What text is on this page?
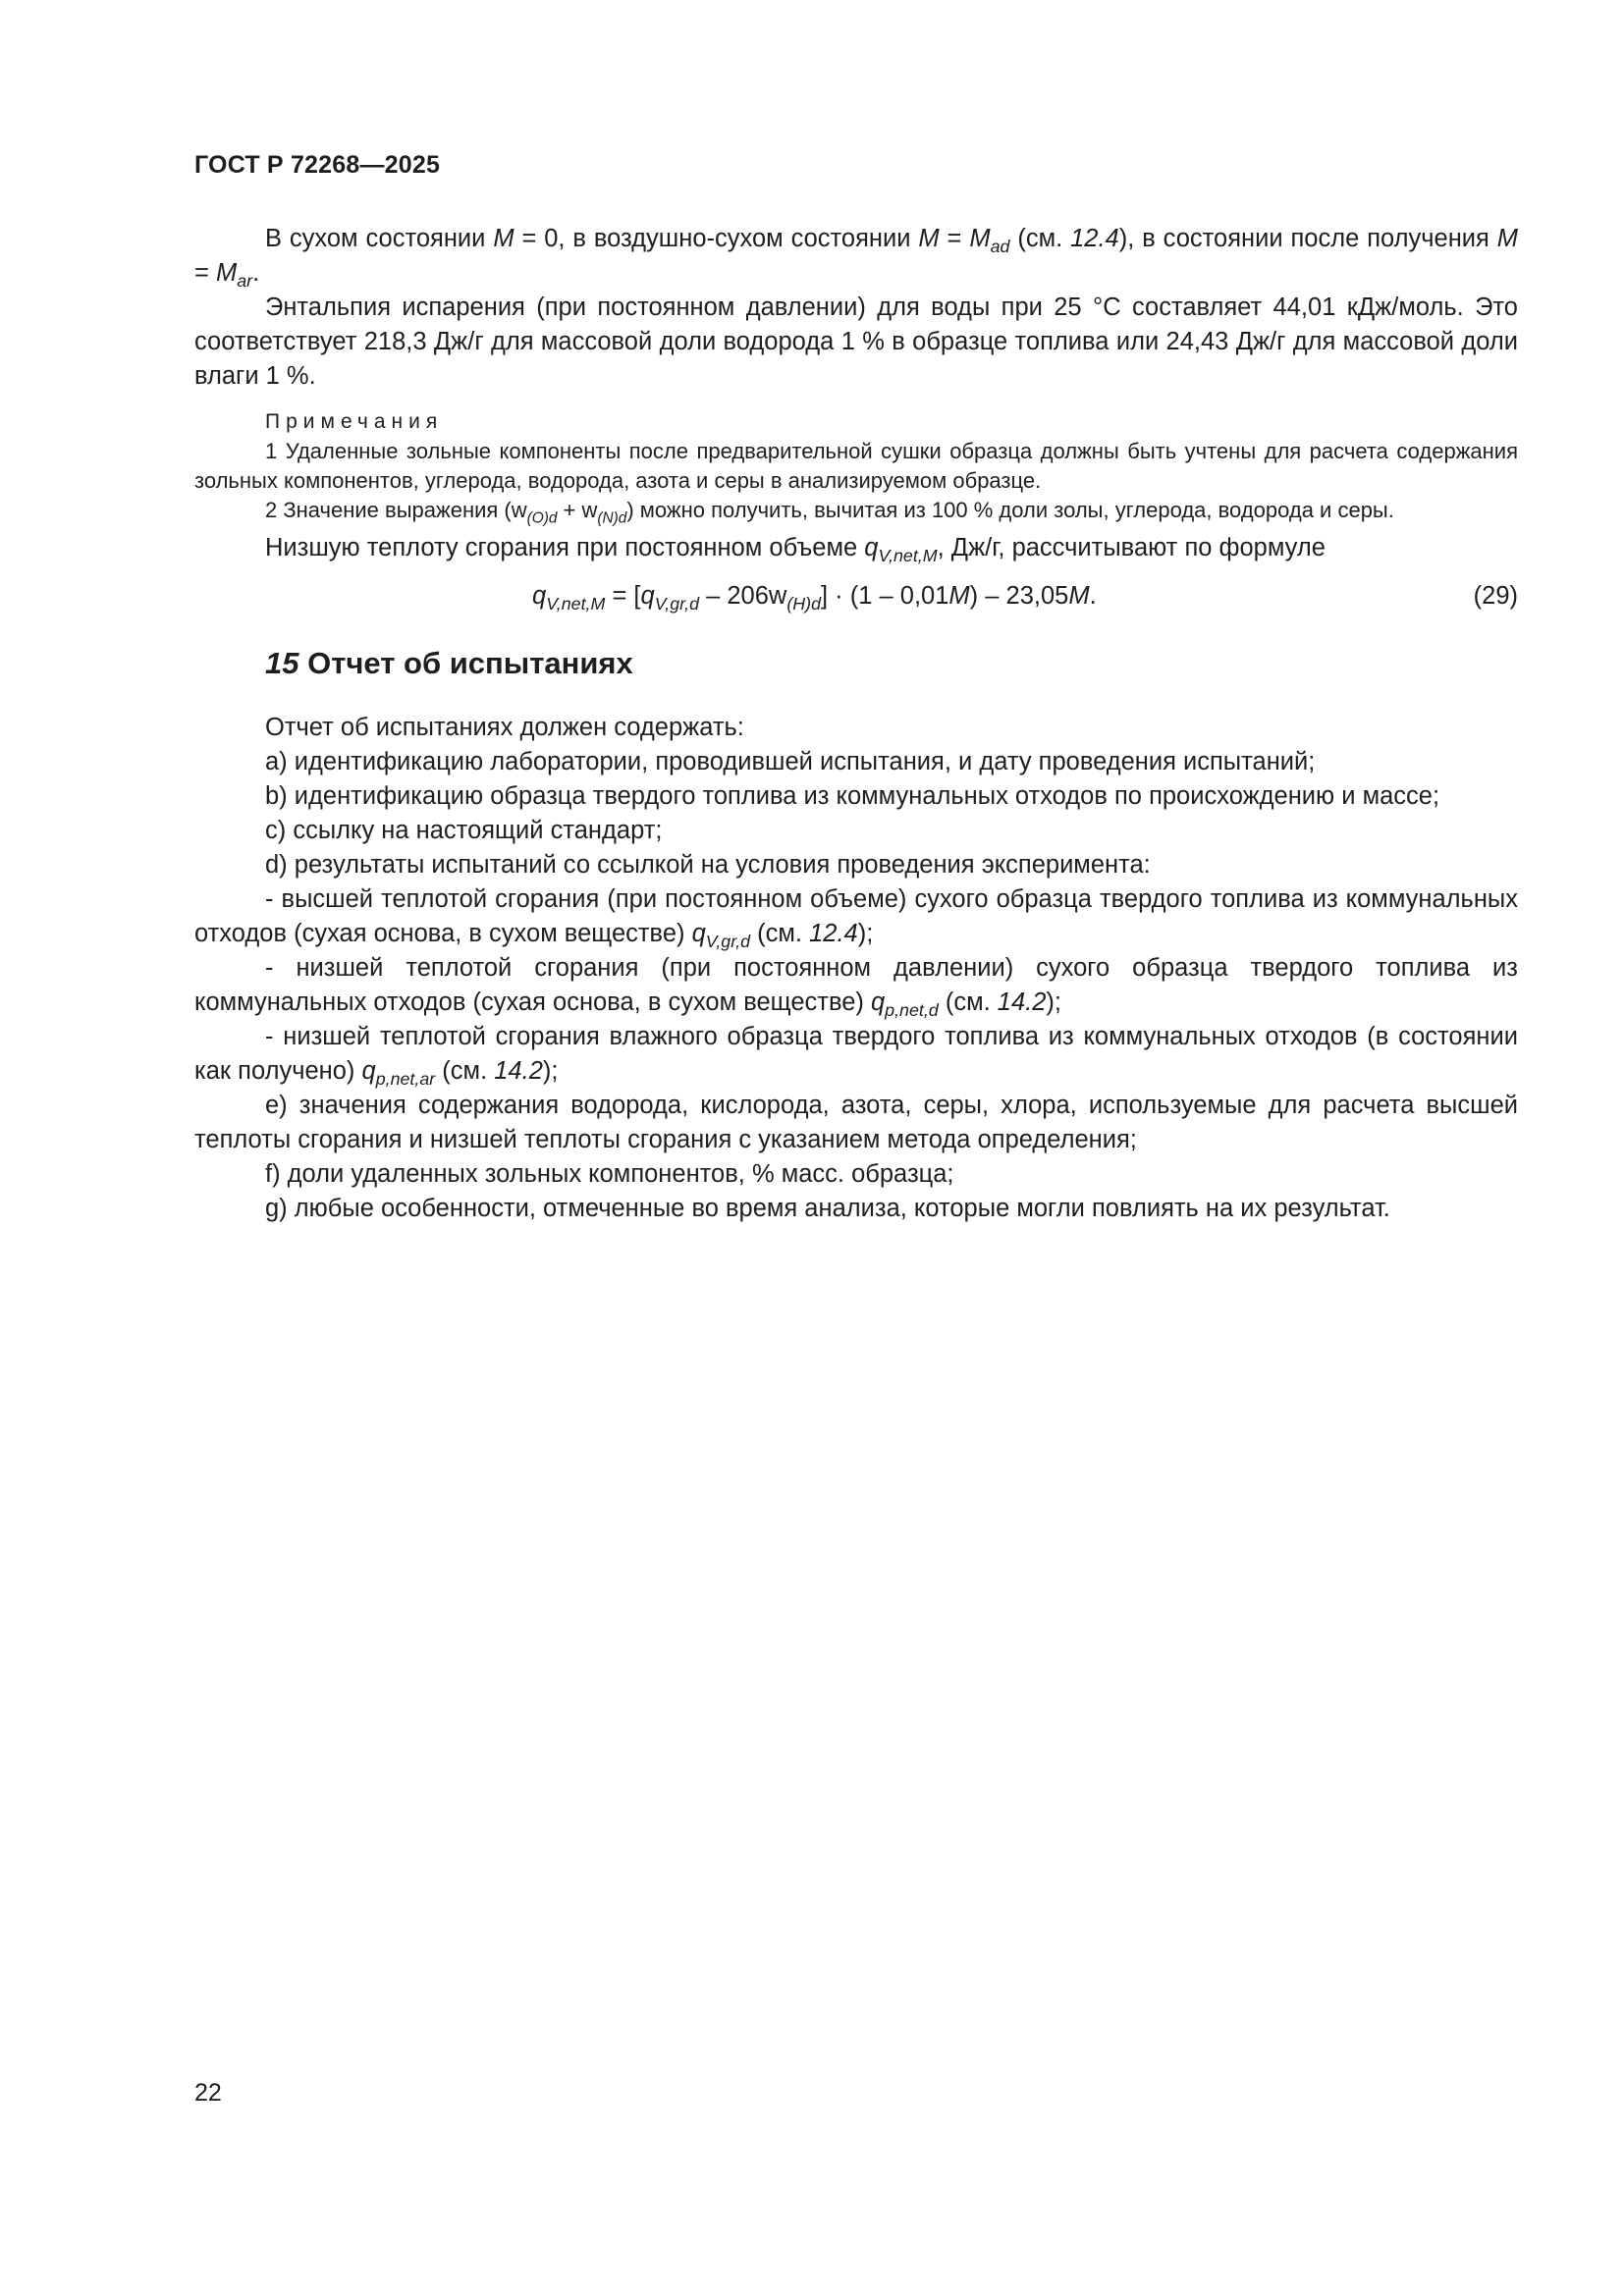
ГОСТ Р 72268—2025

В сухом состоянии M = 0, в воздушно-сухом состоянии $M = M_{ad}$ (см. 12.4), в состоянии после получения $M = M_{ar}$.

Энтальпия испарения (при постоянном давлении) для воды при 25 °С составляет 44,01 кДж/моль. Это соответствует 218,3 Дж/г для массовой доли водорода 1 % в образце топлива или 24,43 Дж/г для массовой доли влаги 1 %.

Примечания

1 Удаленные зольные компоненты после предварительной сушки образца должны быть учтены для расчета содержания зольных компонентов, углерода, водорода, азота и серы в анализируемом образце.

2 Значение выражения $(w_{(O)d} + w_{(N)d})$ можно получить, вычитая из 100 % доли золы, углерода, водорода и серы.

Низшую теплоту сгорания при постоянном объеме $q_{V,net,M}$, Дж/г, рассчитывают по формуле

$q_{V,net,M} = [q_{V,gr,d} - 206w_{(H)d}] \cdot (1 - 0,01M) - 23,05M$.	(29)
15 Отчет об испытаниях

Отчет об испытаниях должен содержать:

а) идентификацию лаборатории, проводившей испытания, и дату проведения испытаний;

b) идентификацию образца твердого топлива из коммунальных отходов по происхождению и массе;

c) ссылку на настоящий стандарт;

d) результаты испытаний со ссылкой на условия проведения эксперимента:

- высшей теплотой сгорания (при постоянном объеме) сухого образца твердого топлива из коммунальных отходов (сухая основа, в сухом веществе) $q_{V,gr,d}$ (см. 12.4);

- низшей теплотой сгорания (при постоянном давлении) сухого образца твердого топлива из коммунальных отходов (сухая основа, в сухом веществе) $q_{p,net,d}$ (см. 14.2);

- низшей теплотой сгорания влажного образца твердого топлива из коммунальных отходов (в состоянии как получено) $q_{p,net,ar}$ (см. 14.2);

е) значения содержания водорода, кислорода, азота, серы, хлора, используемые для расчета высшей теплоты сгорания и низшей теплоты сгорания с указанием метода определения;

f) доли удаленных зольных компонентов, % масс. образца;

g) любые особенности, отмеченные во время анализа, которые могли повлиять на их результат.

22
